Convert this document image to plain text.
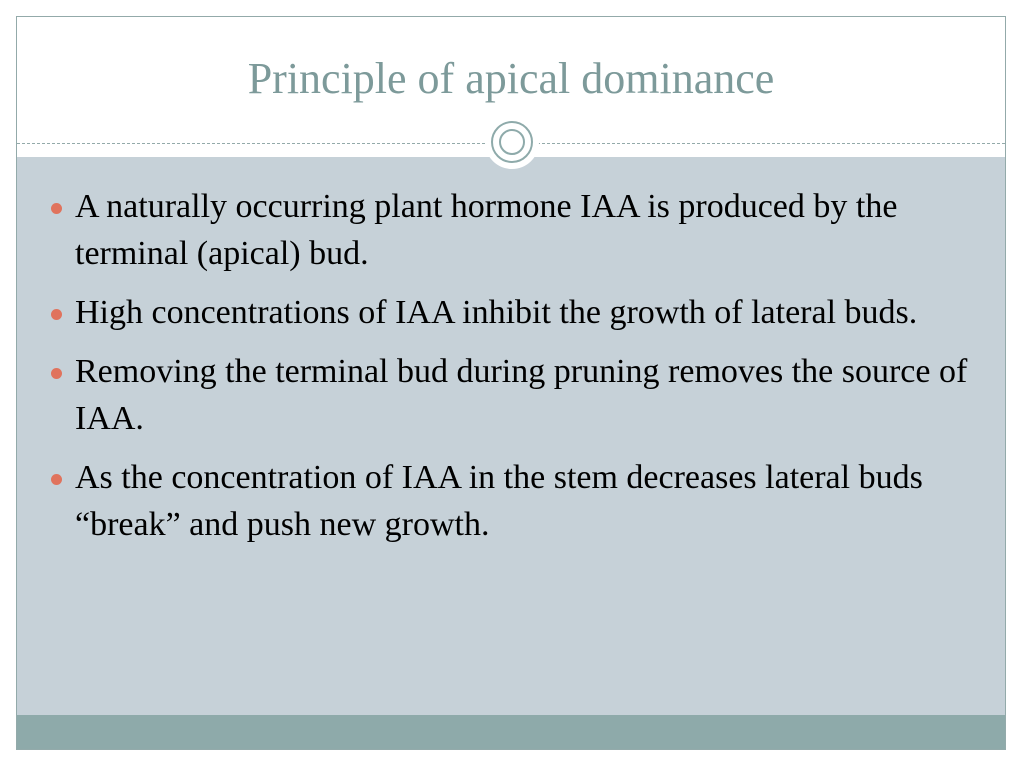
Principle of apical dominance
A naturally occurring plant hormone IAA is produced by the terminal (apical) bud.
High concentrations of IAA inhibit the growth of lateral buds.
Removing the terminal bud during pruning removes the source of IAA.
As the concentration of IAA in the stem decreases lateral buds “break” and push new growth.
